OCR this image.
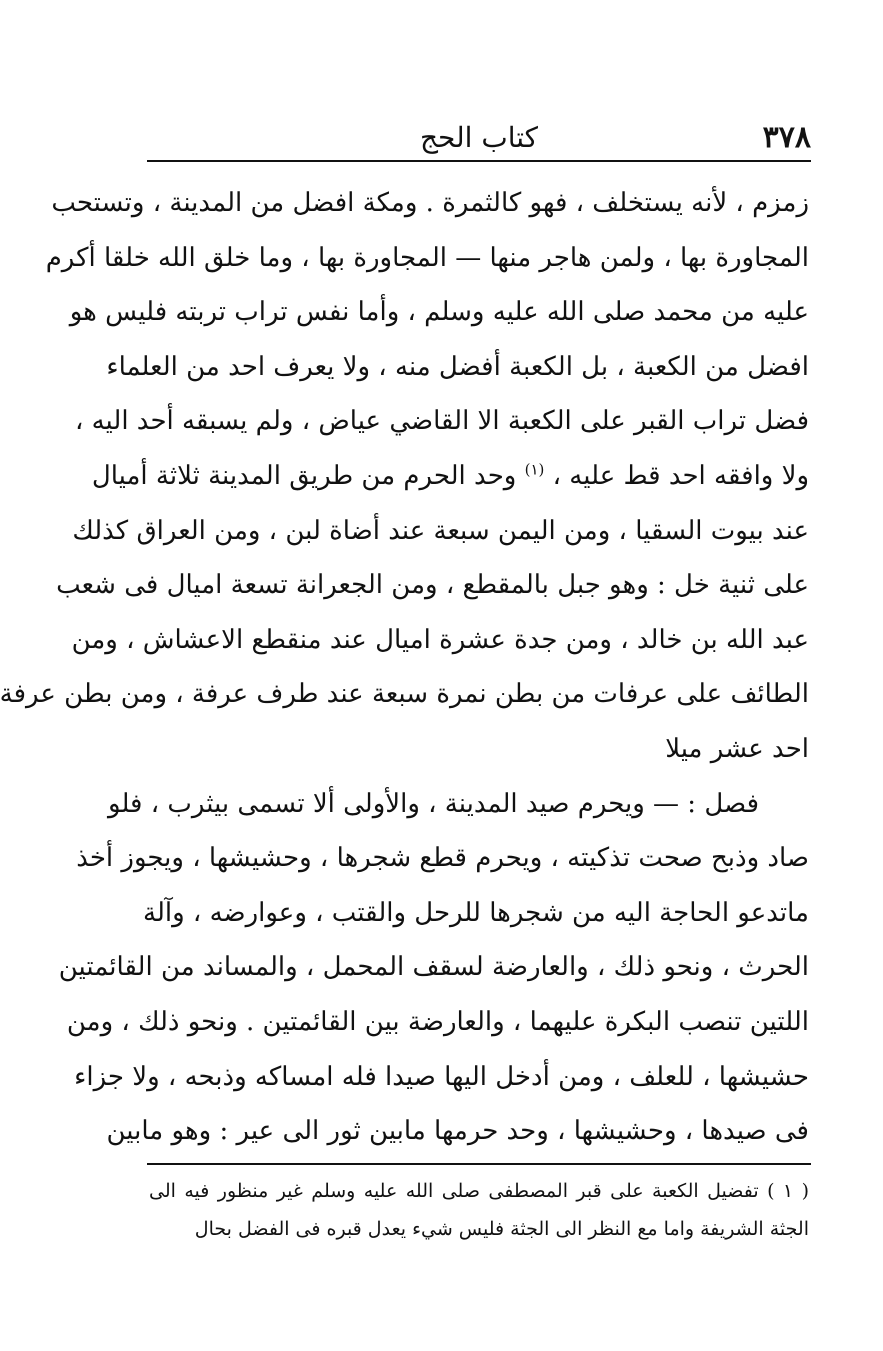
٣٧٨
كتاب الحج
زمزم ، لأنه يستخلف ، فهو كالثمرة . ومكة افضل من المدينة ، وتستحب
المجاورة بها ، ولمن هاجر منها — المجاورة بها ، وما خلق الله خلقا أكرم
عليه من محمد صلى الله عليه وسلم ، وأما نفس تراب تربته فليس هو
افضل من الكعبة ، بل الكعبة أفضل منه ، ولا يعرف احد من العلماء
فضل تراب القبر على الكعبة الا القاضي عياض ، ولم يسبقه أحد اليه ،
ولا وافقه احد قط عليه ، $^{(١)}$ وحد الحرم من طريق المدينة ثلاثة أميال
عند بيوت السقيا ، ومن اليمن سبعة عند أضاة لبن ، ومن العراق كذلك
على ثنية خل : وهو جبل بالمقطع ، ومن الجعرانة تسعة اميال فى شعب
عبد الله بن خالد ، ومن جدة عشرة اميال عند منقطع الاعشاش ، ومن
الطائف على عرفات من بطن نمرة سبعة عند طرف عرفة ، ومن بطن عرفة
احد عشر ميلا
فصل : — ويحرم صيد المدينة ، والأولى ألا تسمى بيثرب ، فلو
صاد وذبح صحت تذكيته ، ويحرم قطع شجرها ، وحشيشها ، ويجوز أخذ
ماتدعو الحاجة اليه من شجرها للرحل والقتب ، وعوارضه ، وآلة
الحرث ، ونحو ذلك ، والعارضة لسقف المحمل ، والمساند من القائمتين
اللتين تنصب البكرة عليهما ، والعارضة بين القائمتين . ونحو ذلك ، ومن
حشيشها ، للعلف ، ومن أدخل اليها صيدا فله امساكه وذبحه ، ولا جزاء
فى صيدها ، وحشيشها ، وحد حرمها مابين ثور الى عير : وهو مابين
( ١ ) تفضيل الكعبة على قبر المصطفى صلى الله عليه وسلم غير منظور فيه الى
الجثة الشريفة واما مع النظر الى الجثة فليس شيء يعدل قبره فى الفضل بحال
